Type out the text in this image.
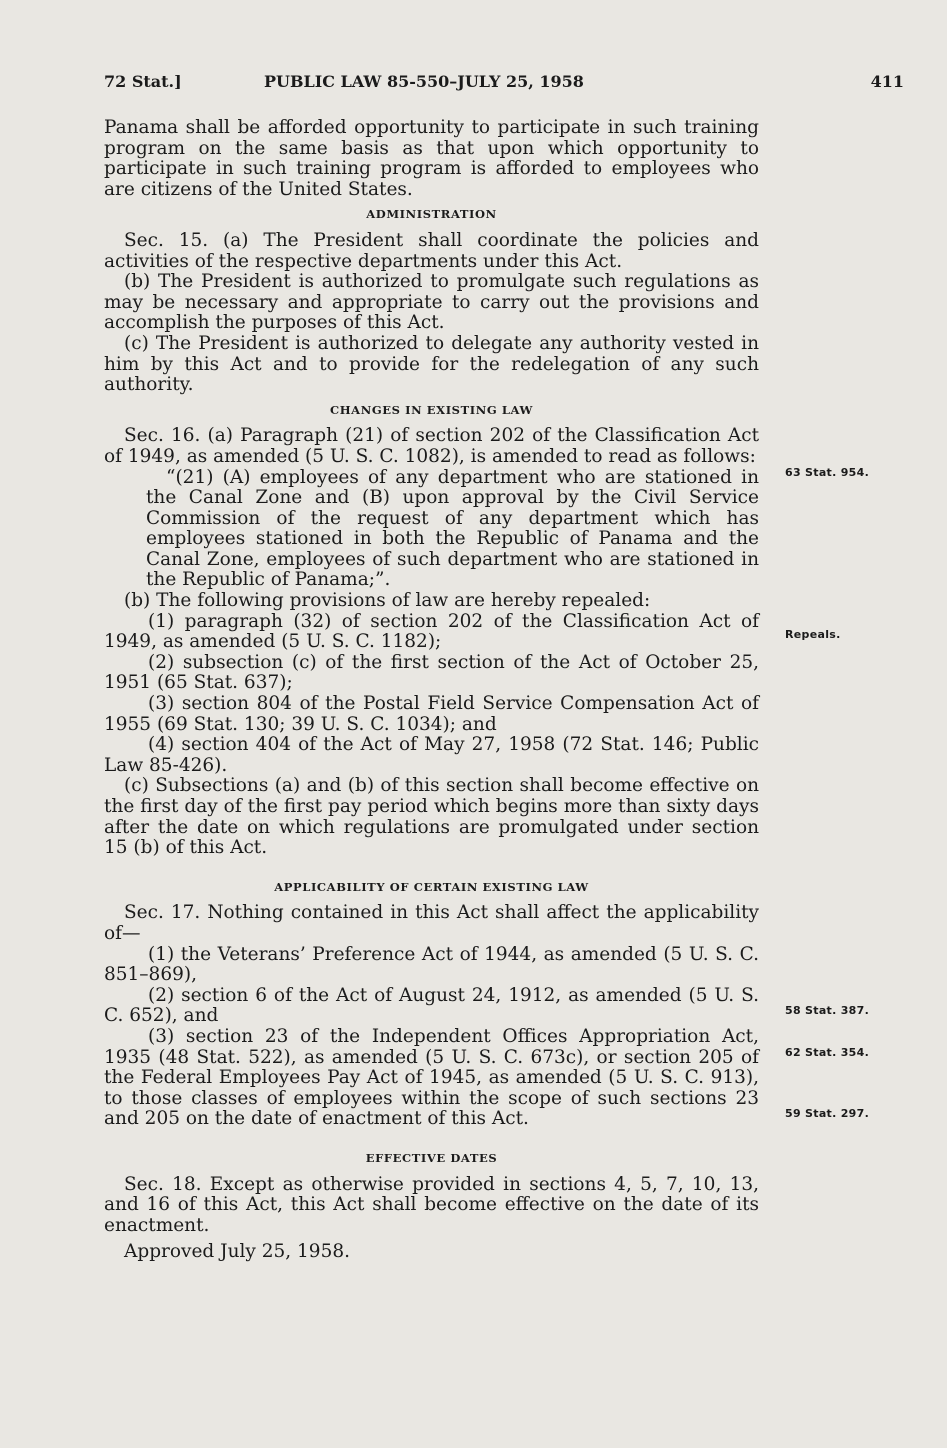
72 Stat.]	PUBLIC LAW 85-550–JULY 25, 1958	411

Panama shall be afforded opportunity to participate in such training program on the same basis as that upon which opportunity to participate in such training program is afforded to employees who are citizens of the United States.

ADMINISTRATION

Sec. 15. (a) The President shall coordinate the policies and activities of the respective departments under this Act.

(b) The President is authorized to promulgate such regulations as may be necessary and appropriate to carry out the provisions and accomplish the purposes of this Act.

(c) The President is authorized to delegate any authority vested in him by this Act and to provide for the redelegation of any such authority.

CHANGES IN EXISTING LAW

Sec. 16. (a) Paragraph (21) of section 202 of the Classification Act of 1949, as amended (5 U. S. C. 1082), is amended to read as follows:

“(21) (A) employees of any department who are stationed in the Canal Zone and (B) upon approval by the Civil Service Commission of the request of any department which has employees stationed in both the Republic of Panama and the Canal Zone, employees of such department who are stationed in the Republic of Panama;”.

(b) The following provisions of law are hereby repealed:

(1) paragraph (32) of section 202 of the Classification Act of 1949, as amended (5 U. S. C. 1182);

(2) subsection (c) of the first section of the Act of October 25, 1951 (65 Stat. 637);

(3) section 804 of the Postal Field Service Compensation Act of 1955 (69 Stat. 130; 39 U. S. C. 1034); and

(4) section 404 of the Act of May 27, 1958 (72 Stat. 146; Public Law 85-426).

(c) Subsections (a) and (b) of this section shall become effective on the first day of the first pay period which begins more than sixty days after the date on which regulations are promulgated under section 15 (b) of this Act.

APPLICABILITY OF CERTAIN EXISTING LAW

Sec. 17. Nothing contained in this Act shall affect the applicability of—

(1) the Veterans’ Preference Act of 1944, as amended (5 U. S. C. 851–869),

(2) section 6 of the Act of August 24, 1912, as amended (5 U. S. C. 652), and

(3) section 23 of the Independent Offices Appropriation Act, 1935 (48 Stat. 522), as amended (5 U. S. C. 673c), or section 205 of the Federal Employees Pay Act of 1945, as amended (5 U. S. C. 913), to those classes of employees within the scope of such sections 23 and 205 on the date of enactment of this Act.

EFFECTIVE DATES

Sec. 18. Except as otherwise provided in sections 4, 5, 7, 10, 13, and 16 of this Act, this Act shall become effective on the date of its enactment.

Approved July 25, 1958.

63 Stat. 954.
Repeals.
58 Stat. 387.
62 Stat. 354.
59 Stat. 297.
